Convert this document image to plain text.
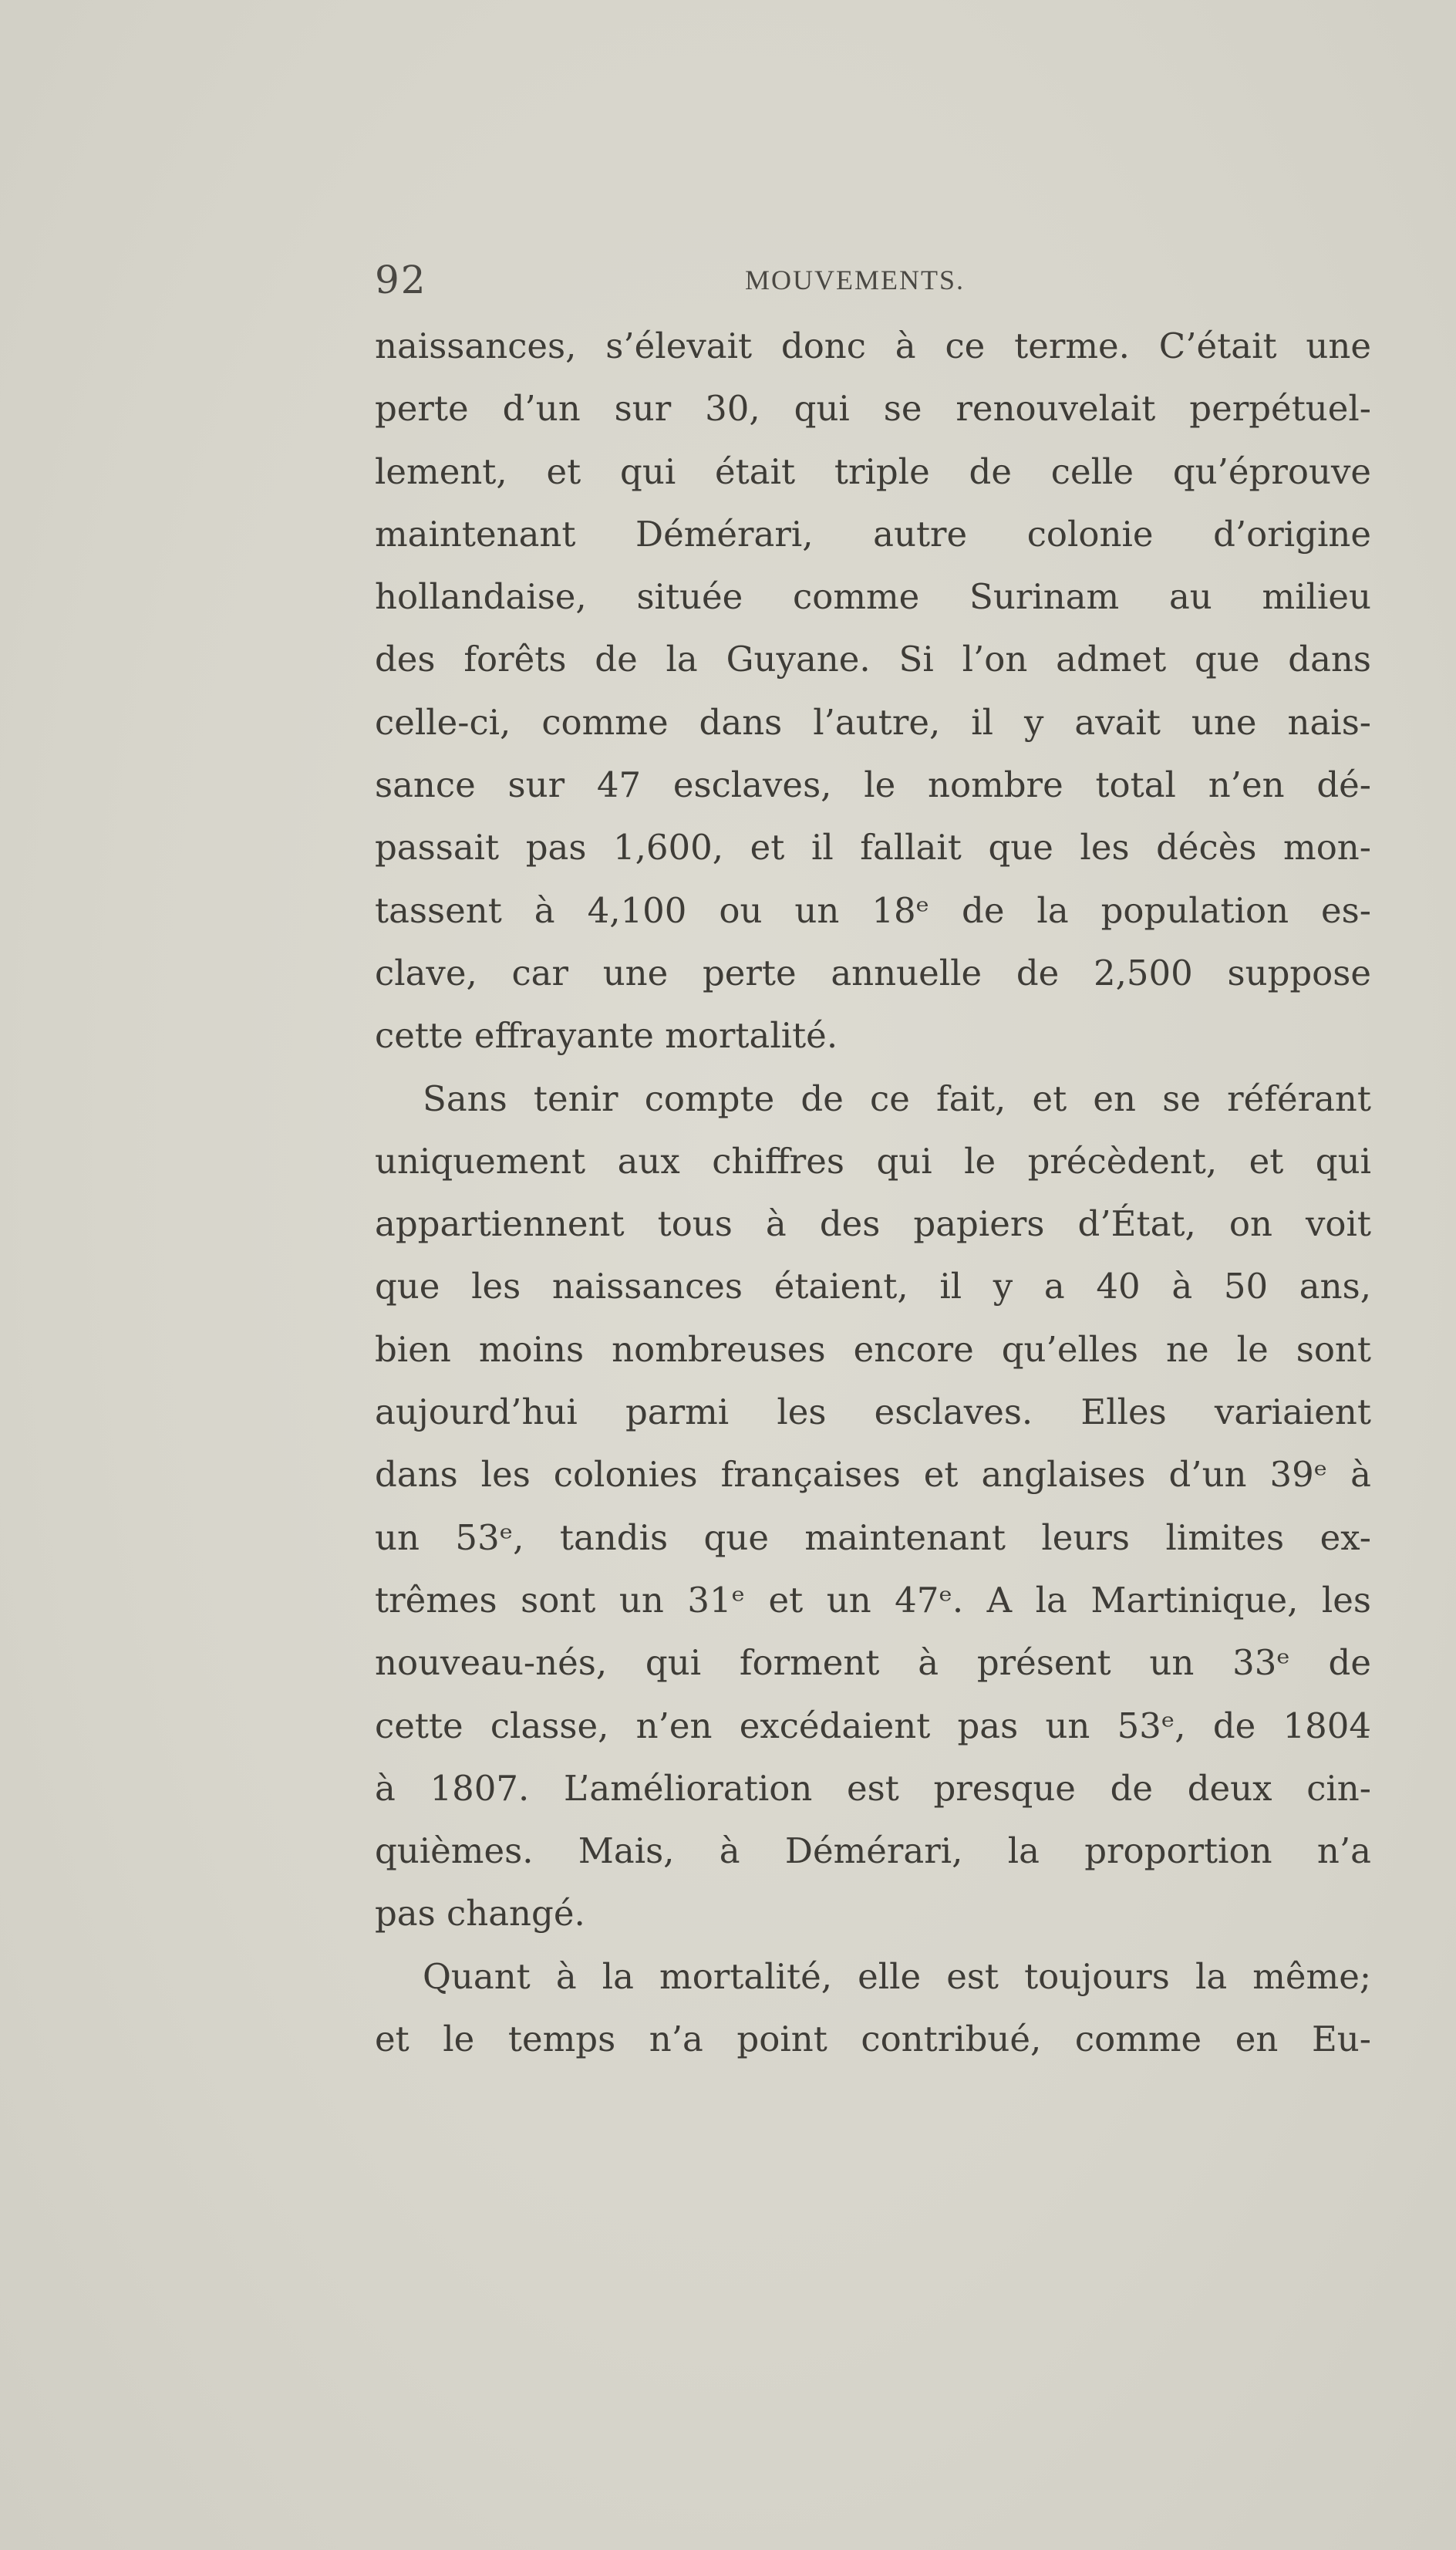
92	MOUVEMENTS.
naissances, s’élevait donc à ce terme. C’était une
perte d’un sur 30, qui se renouvelait perpétuel-
lement, et qui était triple de celle qu’éprouve
maintenant Démérari, autre colonie d’origine
hollandaise, située comme Surinam au milieu
des forêts de la Guyane. Si l’on admet que dans
celle-ci, comme dans l’autre, il y avait une nais-
sance sur 47 esclaves, le nombre total n’en dé-
passait pas 1,600, et il fallait que les décès mon-
tassent à 4,100 ou un 18ᵉ de la population es-
clave, car une perte annuelle de 2,500 suppose
cette effrayante mortalité.
Sans tenir compte de ce fait, et en se référant
uniquement aux chiffres qui le précèdent, et qui
appartiennent tous à des papiers d’État, on voit
que les naissances étaient, il y a 40 à 50 ans,
bien moins nombreuses encore qu’elles ne le sont
aujourd’hui parmi les esclaves. Elles variaient
dans les colonies françaises et anglaises d’un 39ᵉ à
un 53ᵉ, tandis que maintenant leurs limites ex-
trêmes sont un 31ᵉ et un 47ᵉ. A la Martinique, les
nouveau-nés, qui forment à présent un 33ᵉ de
cette classe, n’en excédaient pas un 53ᵉ, de 1804
à 1807. L’amélioration est presque de deux cin-
quièmes. Mais, à Démérari, la proportion n’a
pas changé.
Quant à la mortalité, elle est toujours la même;
et le temps n’a point contribué, comme en Eu-
